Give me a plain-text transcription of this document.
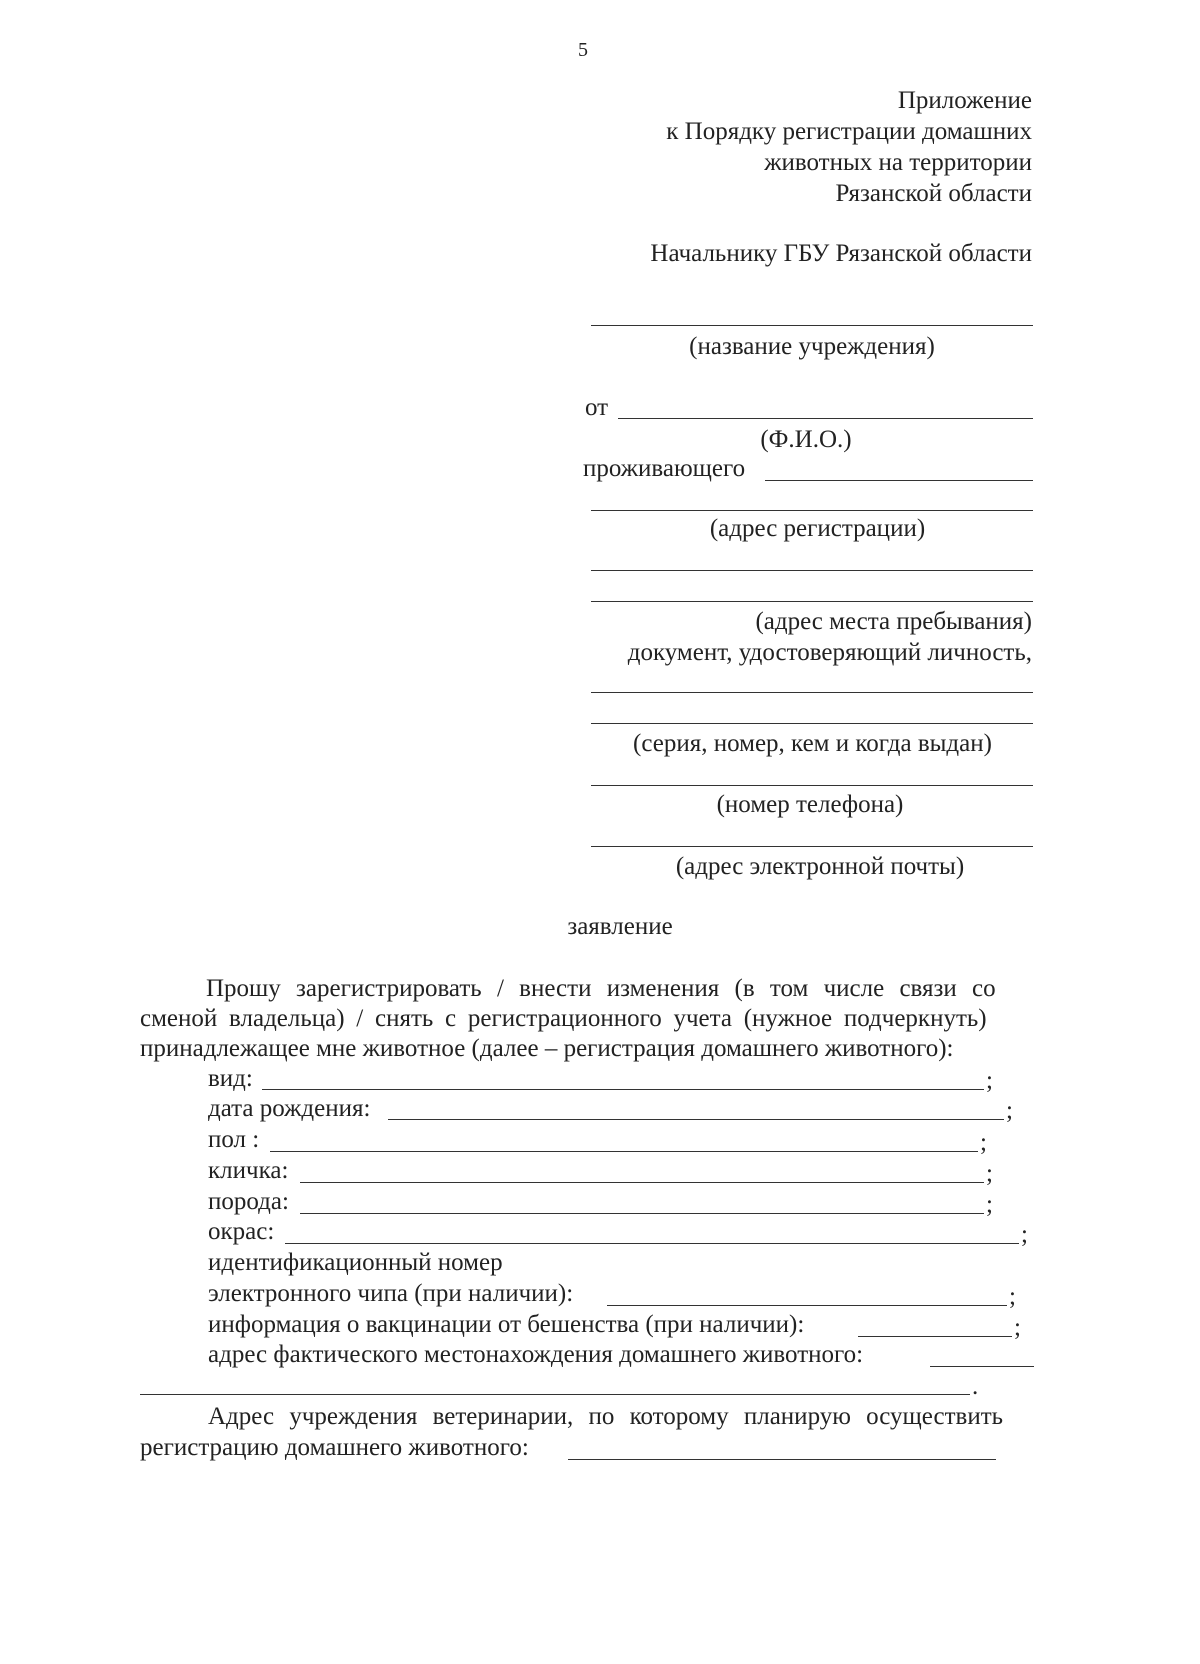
5
Приложение
к Порядку регистрации домашних
животных на территории
Рязанской области
Начальнику ГБУ Рязанской области
(название учреждения)
от
(Ф.И.О.)
проживающего
(адрес регистрации)
(адрес места пребывания)
документ, удостоверяющий личность,
(серия, номер, кем и когда выдан)
(номер телефона)
(адрес электронной почты)
заявление
Прошу зарегистрировать / внести изменения (в том числе связи со
сменой владельца) / снять с регистрационного учета (нужное подчеркнуть)
принадлежащее мне животное (далее – регистрация домашнего животного):
вид:	;
дата рождения:	;
пол :	;
кличка:	;
порода:	;
окрас:	;
идентификационный номер
электронного чипа (при наличии):	;
информация о вакцинации от бешенства (при наличии):	;
адрес фактического местонахождения домашнего животного:
.
Адрес учреждения ветеринарии, по которому планирую осуществить
регистрацию домашнего животного:
